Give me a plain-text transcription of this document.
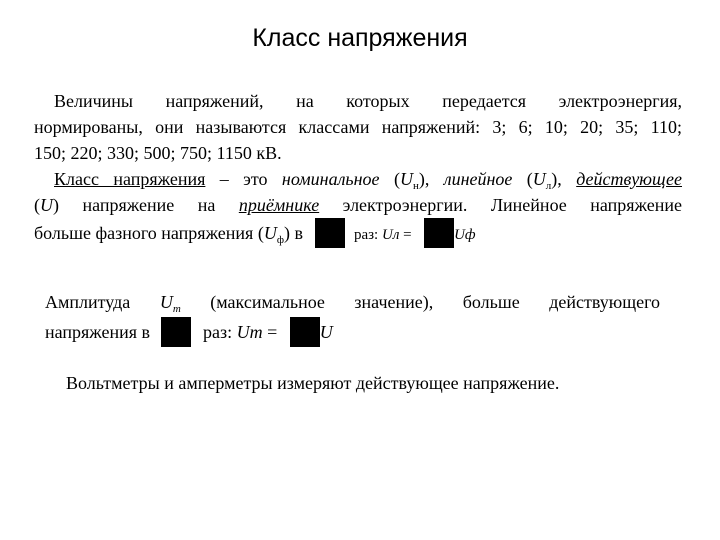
Класс напряжения
Величины напряжений, на которых передается электроэнергия,
нормированы, они называются классами напряжений: 3; 6; 10; 20; 35; 110;
150; 220; 330; 500; 750; 1150 кВ.
Класс напряжения – это номинальное $(U_н)$, линейное $(U_л)$, действующее
(U) напряжение на приёмнике электроэнергии. Линейное напряжение
больше фазного напряжения $(U_ф)$ в	раз: Uл =	Uф
Амплитуда $U_m$ (максимальное значение), больше действующего
напряжения в	раз: Um = U
Вольтметры и амперметры измеряют действующее напряжение.
